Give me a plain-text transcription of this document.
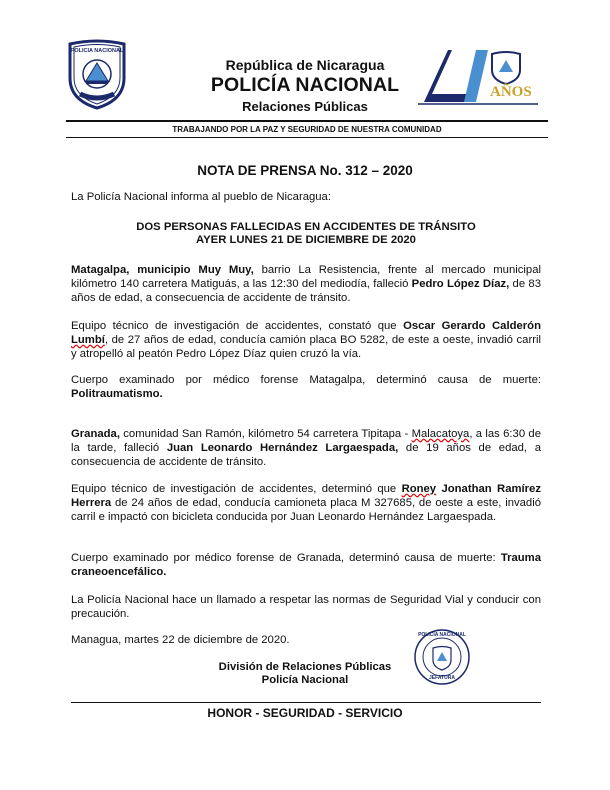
POLICIA NACIONAL
República de Nicaragua
POLICÍA NACIONAL
Relaciones Públicas
AÑOS
TRABAJANDO POR LA PAZ Y SEGURIDAD DE NUESTRA COMUNIDAD
NOTA DE PRENSA No. 312 – 2020
La Policía Nacional informa al pueblo de Nicaragua:
DOS PERSONAS FALLECIDAS EN ACCIDENTES DE TRÁNSITO
AYER LUNES 21 DE DICIEMBRE DE 2020
Matagalpa, municipio Muy Muy, barrio La Resistencia, frente al mercado municipal kilómetro 140 carretera Matiguás, a las 12:30 del mediodía, falleció Pedro López Díaz, de 83 años de edad, a consecuencia de accidente de tránsito.
Equipo técnico de investigación de accidentes, constató que Oscar Gerardo Calderón Lumbí, de 27 años de edad, conducía camión placa BO 5282, de este a oeste, invadió carril y atropelló al peatón Pedro López Díaz quien cruzó la vía.
Cuerpo examinado por médico forense Matagalpa, determinó causa de muerte: Politraumatismo.
Granada, comunidad San Ramón, kilómetro 54 carretera Tipitapa - Malacatoya, a las 6:30 de la tarde, falleció Juan Leonardo Hernández Largaespada, de 19 años de edad, a consecuencia de accidente de tránsito.
Equipo técnico de investigación de accidentes, determinó que Roney Jonathan Ramírez Herrera de 24 años de edad, conducía camioneta placa M 327685, de oeste a este, invadió carril e impactó con bicicleta conducida por Juan Leonardo Hernández Largaespada.
Cuerpo examinado por médico forense de Granada, determinó causa de muerte: Trauma craneoencefálico.
La Policía Nacional hace un llamado a respetar las normas de Seguridad Vial y conducir con precaución.
Managua, martes 22 de diciembre de 2020.
División de Relaciones Públicas
Policía Nacional
POLICIA NACIONAL
JEFATURA
HONOR - SEGURIDAD - SERVICIO
